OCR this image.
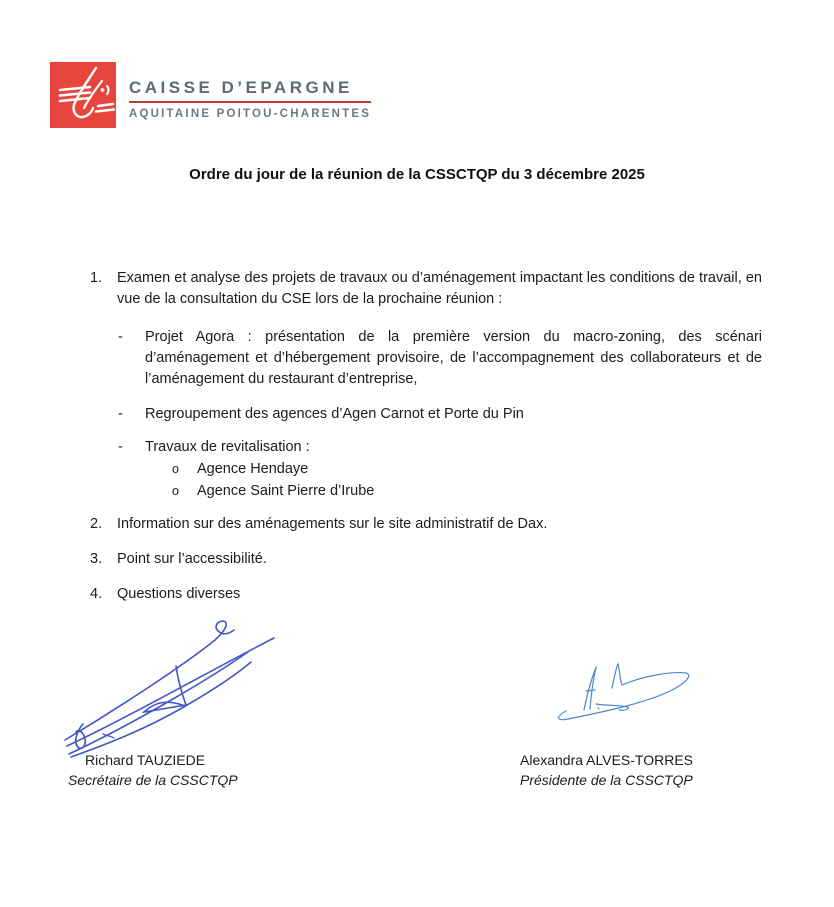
CAISSE D’EPARGNE
AQUITAINE POITOU-CHARENTES
Ordre du jour de la réunion de la CSSCTQP du 3 décembre 2025
1.	Examen et analyse des projets de travaux ou d’aménagement impactant les conditions de travail, en vue de la consultation du CSE lors de la prochaine réunion :
-	Projet Agora : présentation de la première version du macro-zoning, des scénari d’aménagement et d’hébergement provisoire, de l’accompagnement des collaborateurs et de l’aménagement du restaurant d’entreprise,
-	Regroupement des agences d’Agen Carnot et Porte du Pin
-	Travaux de revitalisation :
o	Agence Hendaye
o	Agence Saint Pierre d’Irube
2.	Information sur des aménagements sur le site administratif de Dax.
3.	Point sur l’accessibilité.
4.	Questions diverses
Richard TAUZIEDE
Secrétaire de la CSSCTQP
Alexandra ALVES-TORRES
Présidente de la CSSCTQP
